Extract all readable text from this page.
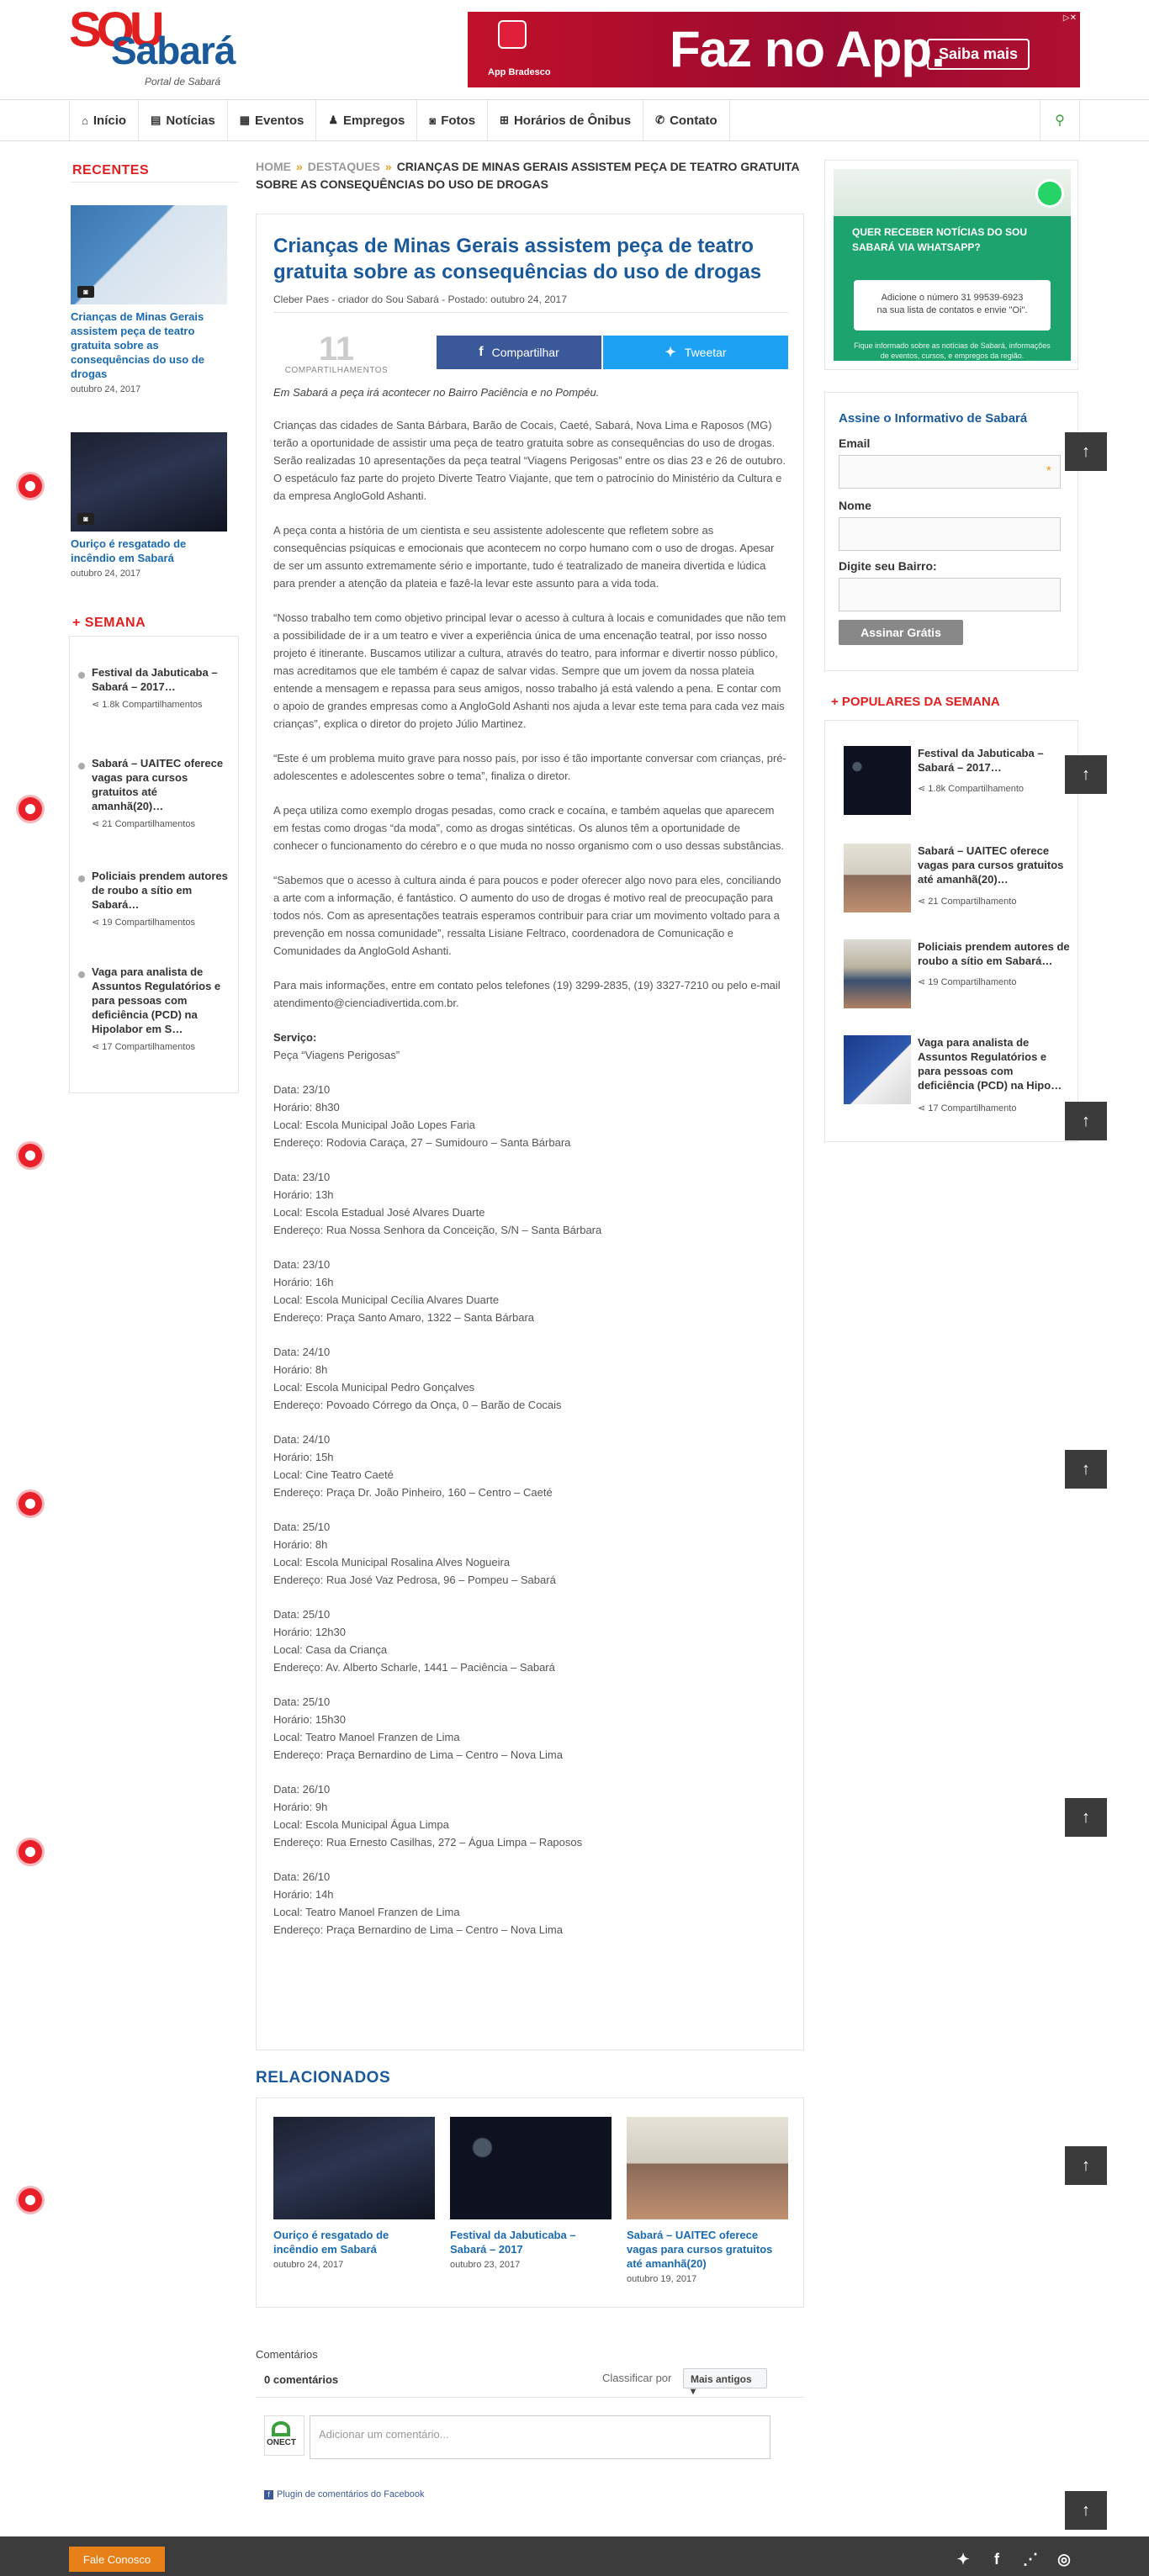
SOU
Sabará
Portal de Sabará
App Bradesco Faz no App.
Saiba mais
▷✕
⌂ Início ▤ Notícias ▦ Eventos ♟ Empregos ◙ Fotos ⊞ Horários de Ônibus ✆ Contato	⚲
RECENTES
◙
Crianças de Minas Gerais assistem peça de teatro gratuita sobre as consequências do uso de drogas
outubro 24, 2017
◙
Ouriço é resgatado de incêndio em Sabará
outubro 24, 2017
+ SEMANA
Festival da Jabuticaba – Sabará – 2017…
⋖ 1.8k Compartilhamentos
Sabará – UAITEC oferece vagas para cursos gratuitos até amanhã(20)…
⋖ 21 Compartilhamentos
Policiais prendem autores de roubo a sítio em Sabará…
⋖ 19 Compartilhamentos
Vaga para analista de Assuntos Regulatórios e para pessoas com deficiência (PCD) na Hipolabor em S…
⋖ 17 Compartilhamentos
HOME » DESTAQUES » CRIANÇAS DE MINAS GERAIS ASSISTEM PEÇA DE TEATRO GRATUITA SOBRE AS CONSEQUÊNCIAS DO USO DE DROGAS
Crianças de Minas Gerais assistem peça de teatro gratuita sobre as consequências do uso de drogas
Cleber Paes - criador do Sou Sabará - Postado: outubro 24, 2017
11
COMPARTILHAMENTOS
f Compartilhar	✦ Tweetar
Em Sabará a peça irá acontecer no Bairro Paciência e no Pompéu.

Crianças das cidades de Santa Bárbara, Barão de Cocais, Caeté, Sabará, Nova Lima e Raposos (MG) terão a oportunidade de assistir uma peça de teatro gratuita sobre as consequências do uso de drogas. Serão realizadas 10 apresentações da peça teatral “Viagens Perigosas” entre os dias 23 e 26 de outubro. O espetáculo faz parte do projeto Diverte Teatro Viajante, que tem o patrocínio do Ministério da Cultura e da empresa AngloGold Ashanti.

A peça conta a história de um cientista e seu assistente adolescente que refletem sobre as consequências psíquicas e emocionais que acontecem no corpo humano com o uso de drogas. Apesar de ser um assunto extremamente sério e importante, tudo é teatralizado de maneira divertida e lúdica para prender a atenção da plateia e fazê-la levar este assunto para a vida toda.

“Nosso trabalho tem como objetivo principal levar o acesso à cultura à locais e comunidades que não tem a possibilidade de ir a um teatro e viver a experiência única de uma encenação teatral, por isso nosso projeto é itinerante. Buscamos utilizar a cultura, através do teatro, para informar e divertir nosso público, mas acreditamos que ele também é capaz de salvar vidas. Sempre que um jovem da nossa plateia entende a mensagem e repassa para seus amigos, nosso trabalho já está valendo a pena. E contar com o apoio de grandes empresas como a AngloGold Ashanti nos ajuda a levar este tema para cada vez mais crianças”, explica o diretor do projeto Júlio Martinez.

“Este é um problema muito grave para nosso país, por isso é tão importante conversar com crianças, pré-adolescentes e adolescentes sobre o tema”, finaliza o diretor.

A peça utiliza como exemplo drogas pesadas, como crack e cocaína, e também aquelas que aparecem em festas como drogas “da moda”, como as drogas sintéticas. Os alunos têm a oportunidade de conhecer o funcionamento do cérebro e o que muda no nosso organismo com o uso dessas substâncias.

“Sabemos que o acesso à cultura ainda é para poucos e poder oferecer algo novo para eles, conciliando a arte com a informação, é fantástico. O aumento do uso de drogas é motivo real de preocupação para todos nós. Com as apresentações teatrais esperamos contribuir para criar um movimento voltado para a prevenção em nossa comunidade”, ressalta Lisiane Feltraco, coordenadora de Comunicação e Comunidades da AngloGold Ashanti.

Para mais informações, entre em contato pelos telefones (19) 3299-2835, (19) 3327-7210 ou pelo e-mail atendimento@cienciadivertida.com.br.

Serviço:
Peça “Viagens Perigosas”

Data: 23/10
Horário: 8h30
Local: Escola Municipal João Lopes Faria
Endereço: Rodovia Caraça, 27 – Sumidouro – Santa Bárbara

Data: 23/10
Horário: 13h
Local: Escola Estadual José Alvares Duarte
Endereço: Rua Nossa Senhora da Conceição, S/N – Santa Bárbara

Data: 23/10
Horário: 16h
Local: Escola Municipal Cecília Alvares Duarte
Endereço: Praça Santo Amaro, 1322 – Santa Bárbara

Data: 24/10
Horário: 8h
Local: Escola Municipal Pedro Gonçalves
Endereço: Povoado Córrego da Onça, 0 – Barão de Cocais

Data: 24/10
Horário: 15h
Local: Cine Teatro Caeté
Endereço: Praça Dr. João Pinheiro, 160 – Centro – Caeté

Data: 25/10
Horário: 8h
Local: Escola Municipal Rosalina Alves Nogueira
Endereço: Rua José Vaz Pedrosa, 96 – Pompeu – Sabará

Data: 25/10
Horário: 12h30
Local: Casa da Criança
Endereço: Av. Alberto Scharle, 1441 – Paciência – Sabará

Data: 25/10
Horário: 15h30
Local: Teatro Manoel Franzen de Lima
Endereço: Praça Bernardino de Lima – Centro – Nova Lima

Data: 26/10
Horário: 9h
Local: Escola Municipal Água Limpa
Endereço: Rua Ernesto Casilhas, 272 – Água Limpa – Raposos

Data: 26/10
Horário: 14h
Local: Teatro Manoel Franzen de Lima
Endereço: Praça Bernardino de Lima – Centro – Nova Lima

RELACIONADOS
Ouriço é resgatado de incêndio em Sabará
outubro 24, 2017
Festival da Jabuticaba – Sabará – 2017
outubro 23, 2017
Sabará – UAITEC oferece vagas para cursos gratuitos até amanhã(20)
outubro 19, 2017
Comentários
0 comentários	Classificar por	Mais antigos ▾
ONECT
Adicionar um comentário...
f Plugin de comentários do Facebook
QUER RECEBER NOTÍCIAS DO SOU SABARÁ VIA WHATSAPP?
Adicione o número 31 99539-6923
na sua lista de contatos e envie "Oi".
Fique informado sobre as notícias de Sabará, informações de eventos, cursos, e empregos da região.
Assine o Informativo de Sabará
Email
*
Nome
Digite seu Bairro:
Assinar Grátis
+ POPULARES DA SEMANA
Festival da Jabuticaba – Sabará – 2017…
⋖ 1.8k Compartilhamento
Sabará – UAITEC oferece vagas para cursos gratuitos até amanhã(20)…
⋖ 21 Compartilhamento
Policiais prendem autores de roubo a sítio em Sabará…
⋖ 19 Compartilhamento
Vaga para analista de Assuntos Regulatórios e para pessoas com deficiência (PCD) na Hipo…
⋖ 17 Compartilhamento
↑
↑
↑
↑
↑
↑
↑
Fale Conosco	✦	f	⋰	◎
